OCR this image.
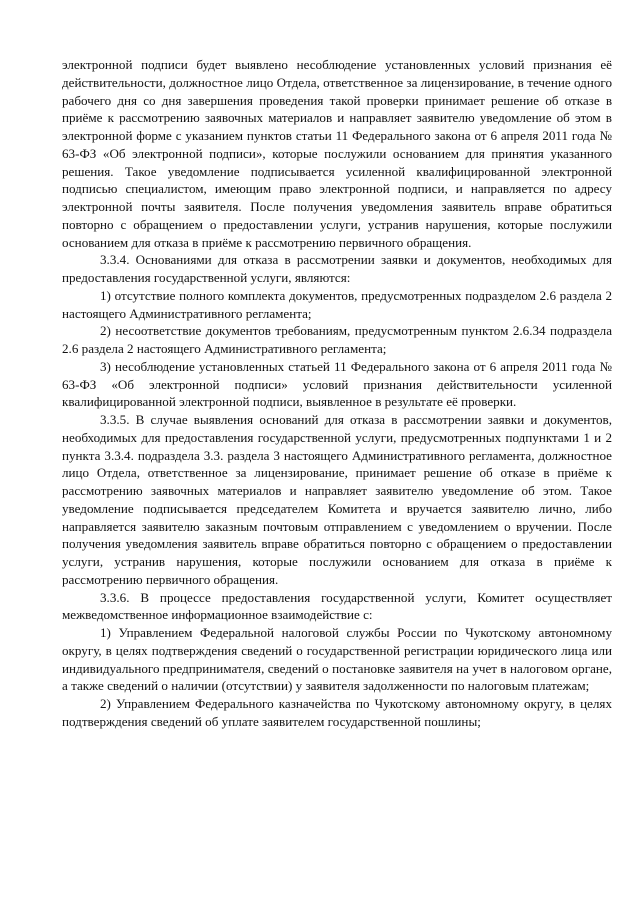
электронной подписи будет выявлено несоблюдение установленных условий признания её действительности, должностное лицо Отдела, ответственное за лицензирование, в течение одного рабочего дня со дня завершения проведения такой проверки принимает решение об отказе в приёме к рассмотрению заявочных материалов и направляет заявителю уведомление об этом в электронной форме с указанием пунктов статьи 11 Федерального закона от 6 апреля 2011 года № 63-ФЗ «Об электронной подписи», которые послужили основанием для принятия указанного решения. Такое уведомление подписывается усиленной квалифицированной электронной подписью специалистом, имеющим право электронной подписи, и направляется по адресу электронной почты заявителя. После получения уведомления заявитель вправе обратиться повторно с обращением о предоставлении услуги, устранив нарушения, которые послужили основанием для отказа в приёме к рассмотрению первичного обращения.

3.3.4. Основаниями для отказа в рассмотрении заявки и документов, необходимых для предоставления государственной услуги, являются:

1) отсутствие полного комплекта документов, предусмотренных подразделом 2.6 раздела 2 настоящего Административного регламента;

2) несоответствие документов требованиям, предусмотренным пунктом 2.6.34 подраздела 2.6 раздела 2 настоящего Административного регламента;

3) несоблюдение установленных статьей 11 Федерального закона от 6 апреля 2011 года № 63-ФЗ «Об электронной подписи» условий признания действительности усиленной квалифицированной электронной подписи, выявленное в результате её проверки.

3.3.5. В случае выявления оснований для отказа в рассмотрении заявки и документов, необходимых для предоставления государственной услуги, предусмотренных подпунктами 1 и 2 пункта 3.3.4. подраздела 3.3. раздела 3 настоящего Административного регламента, должностное лицо Отдела, ответственное за лицензирование, принимает решение об отказе в приёме к рассмотрению заявочных материалов и направляет заявителю уведомление об этом. Такое уведомление подписывается председателем Комитета и вручается заявителю лично, либо направляется заявителю заказным почтовым отправлением с уведомлением о вручении. После получения уведомления заявитель вправе обратиться повторно с обращением о предоставлении услуги, устранив нарушения, которые послужили основанием для отказа в приёме к рассмотрению первичного обращения.

3.3.6. В процессе предоставления государственной услуги, Комитет осуществляет межведомственное информационное взаимодействие с:

1) Управлением Федеральной налоговой службы России по Чукотскому автономному округу, в целях подтверждения сведений о государственной регистрации юридического лица или индивидуального предпринимателя, сведений о постановке заявителя на учет в налоговом органе, а также сведений о наличии (отсутствии) у заявителя задолженности по налоговым платежам;

2) Управлением Федерального казначейства по Чукотскому автономному округу, в целях подтверждения сведений об уплате заявителем государственной пошлины;
